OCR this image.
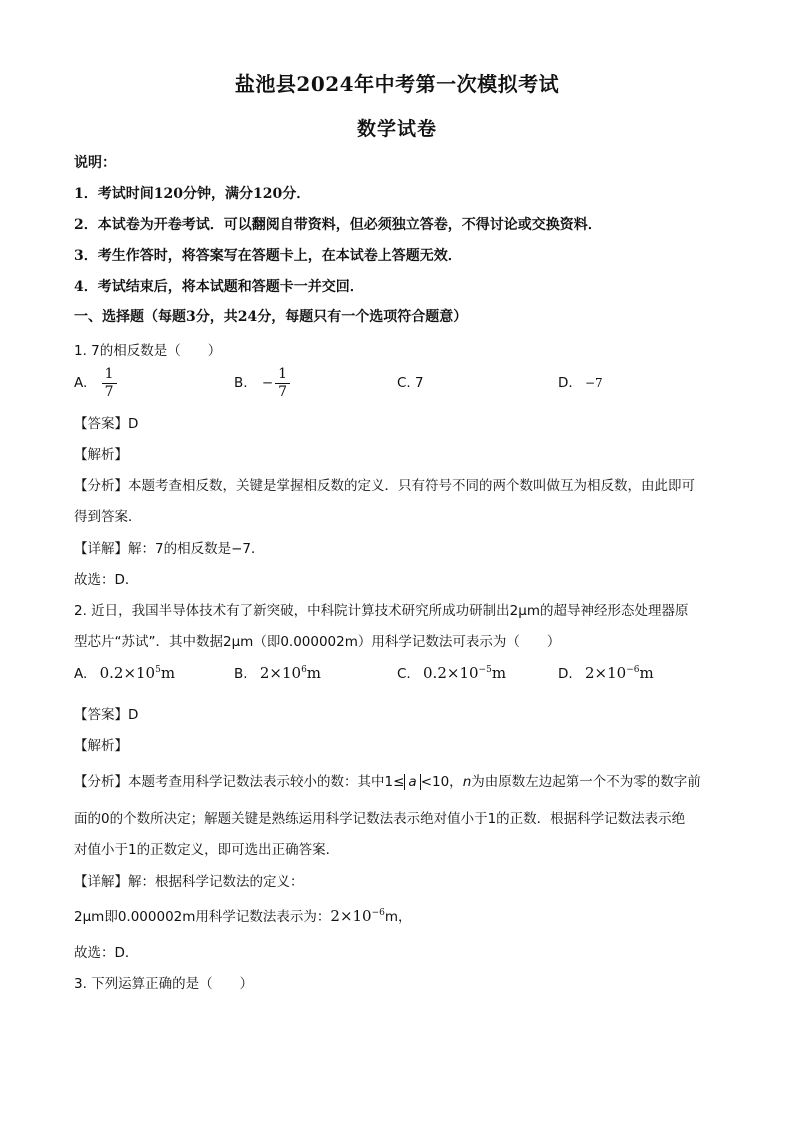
盐池县2024年中考第一次模拟考试
数学试卷
说明：
1．考试时间120分钟，满分120分．
2．本试卷为开卷考试．可以翻阅自带资料，但必须独立答卷，不得讨论或交换资料．
3．考生作答时，将答案写在答题卡上，在本试卷上答题无效．
4．考试结束后，将本试题和答题卡一并交回．
一、选择题（每题3分，共24分，每题只有一个选项符合题意）
1. 7的相反数是（　　）
A. $\frac{1}{7}$	B. − $\frac{1}{7}$	C. 7	D. −7
【答案】D
【解析】
【分析】本题考查相反数，关键是掌握相反数的定义．只有符号不同的两个数叫做互为相反数，由此即可
得到答案．
【详解】解：7的相反数是−7．
故选：D．
2. 近日，我国半导体技术有了新突破，中科院计算技术研究所成功研制出2μm的超导神经形态处理器原
型芯片“苏试”．其中数据2μm（即0.000002m）用科学记数法可表示为（　　）
A. $0.2\times 10^5m$	B. $2\times 10^6m$	C. $0.2\times 10^{-5}m$	D. $2\times 10^{-6}m$
【答案】D
【解析】
【分析】本题考查用科学记数法表示较小的数：其中1≤ a <10，n为由原数左边起第一个不为零的数字前
面的0的个数所决定；解题关键是熟练运用科学记数法表示绝对值小于1的正数．根据科学记数法表示绝
对值小于1的正数定义，即可选出正确答案．
【详解】解：根据科学记数法的定义：
2μm即0.000002m用科学记数法表示为：$2\times 10^{-6}m$，
故选：D．
3. 下列运算正确的是（　　）
